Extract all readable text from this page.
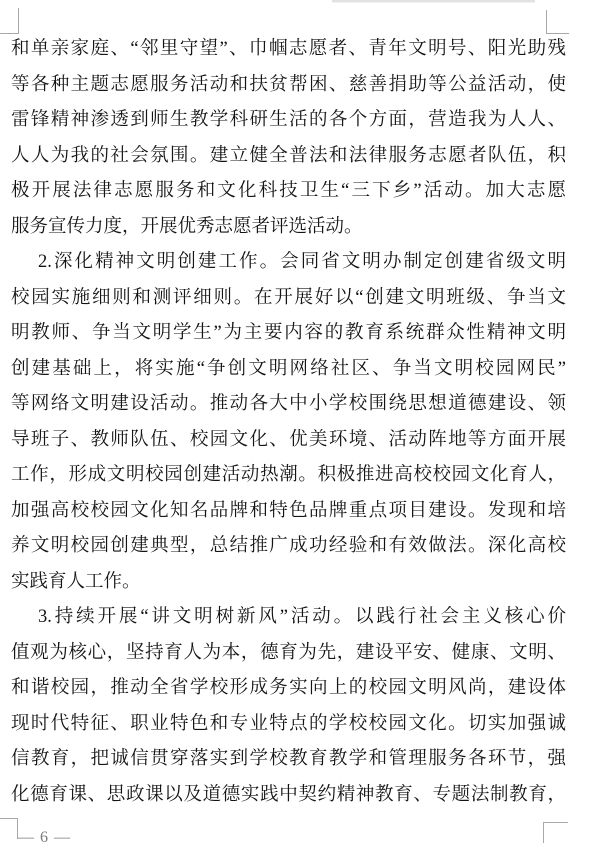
和单亲家庭、“邻里守望”、巾帼志愿者、青年文明号、阳光助残
等各种主题志愿服务活动和扶贫帮困、慈善捐助等公益活动，使
雷锋精神渗透到师生教学科研生活的各个方面，营造我为人人、
人人为我的社会氛围。建立健全普法和法律服务志愿者队伍，积
极开展法律志愿服务和文化科技卫生“三下乡”活动。加大志愿
服务宣传力度，开展优秀志愿者评选活动。
2.深化精神文明创建工作。会同省文明办制定创建省级文明
校园实施细则和测评细则。在开展好以“创建文明班级、争当文
明教师、争当文明学生”为主要内容的教育系统群众性精神文明
创建基础上，将实施“争创文明网络社区、争当文明校园网民”
等网络文明建设活动。推动各大中小学校围绕思想道德建设、领
导班子、教师队伍、校园文化、优美环境、活动阵地等方面开展
工作，形成文明校园创建活动热潮。积极推进高校校园文化育人，
加强高校校园文化知名品牌和特色品牌重点项目建设。发现和培
养文明校园创建典型，总结推广成功经验和有效做法。深化高校
实践育人工作。
3.持续开展“讲文明树新风”活动。以践行社会主义核心价
值观为核心，坚持育人为本，德育为先，建设平安、健康、文明、
和谐校园，推动全省学校形成务实向上的校园文明风尚，建设体
现时代特征、职业特色和专业特点的学校校园文化。切实加强诚
信教育，把诚信贯穿落实到学校教育教学和管理服务各环节，强
化德育课、思政课以及道德实践中契约精神教育、专题法制教育，
— 6 —
